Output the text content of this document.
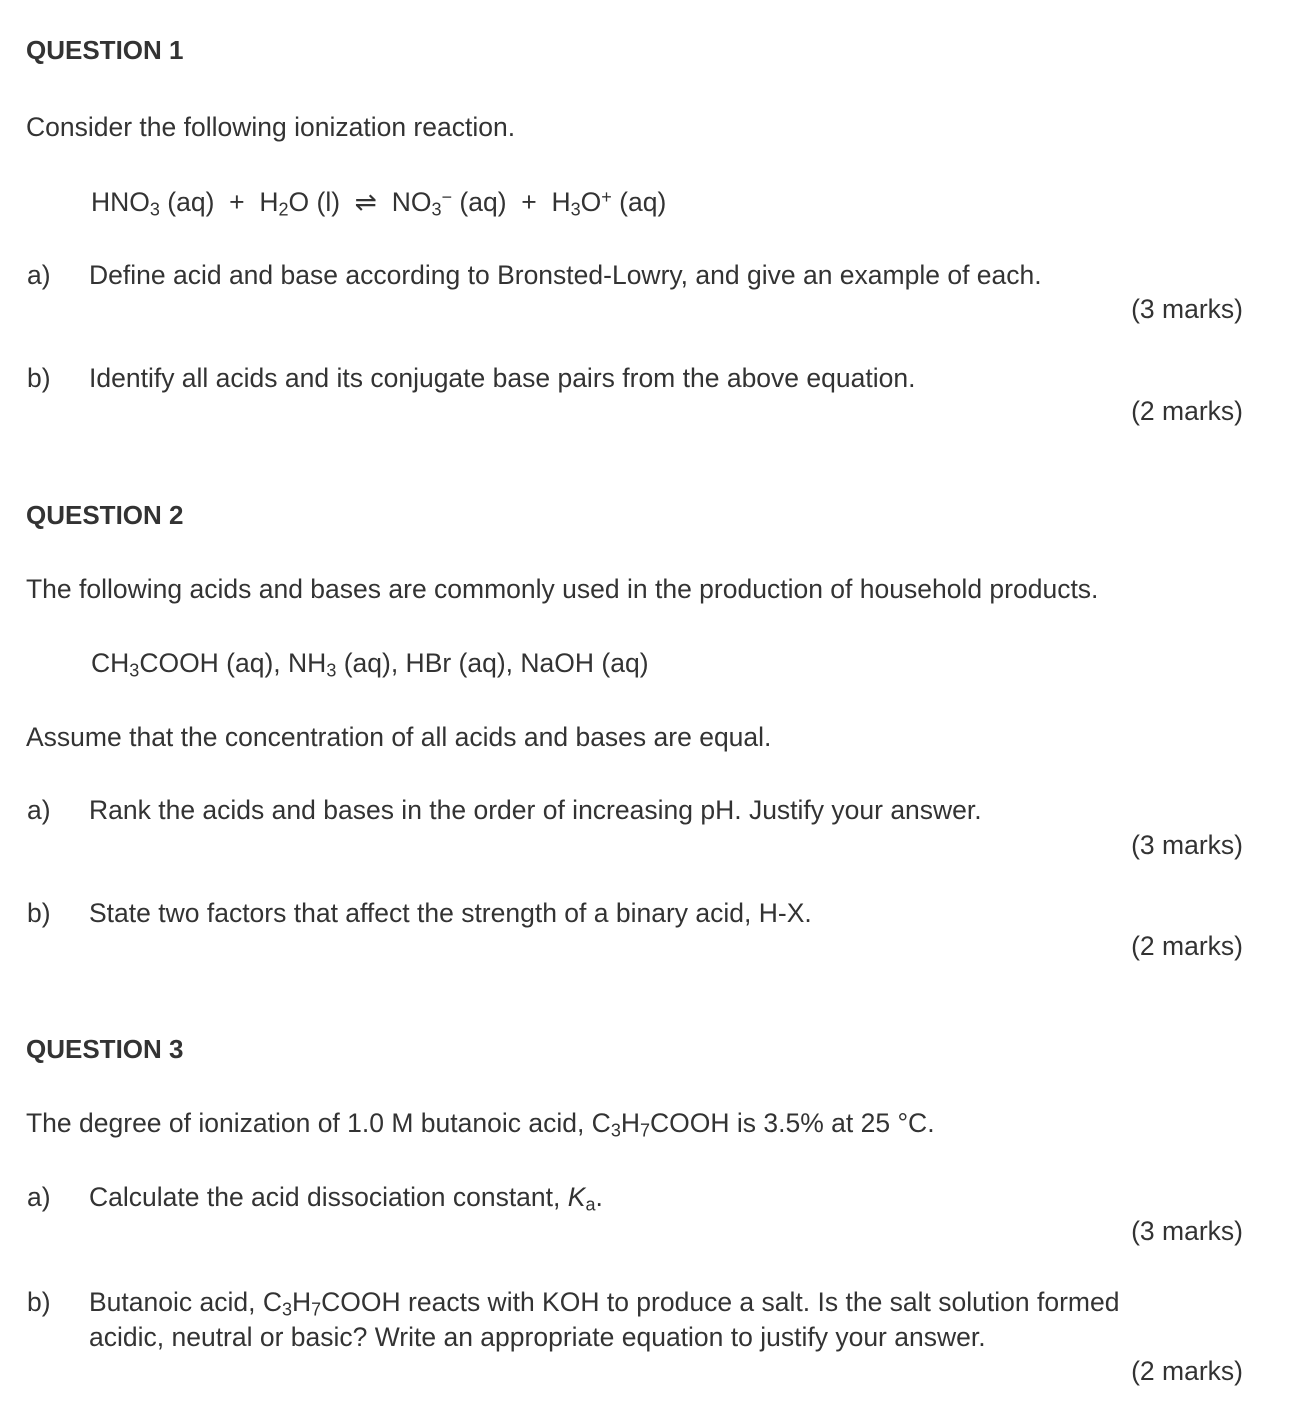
QUESTION 1
Consider the following ionization reaction.
$HNO_3$ $(aq) + H_2O$ (l)  ⇌  $NO_3^-$ $(aq) + H_3O^+$ (aq)
a) Define acid and base according to Bronsted-Lowry, and give an example of each.
(3 marks)
b) Identify all acids and its conjugate base pairs from the above equation.
(2 marks)
QUESTION 2
The following acids and bases are commonly used in the production of household products.
$CH_3COOH$ (aq), $NH_3$ (aq), HBr (aq), NaOH (aq)
Assume that the concentration of all acids and bases are equal.
a) Rank the acids and bases in the order of increasing pH. Justify your answer.
(3 marks)
b) State two factors that affect the strength of a binary acid, H-X.
(2 marks)
QUESTION 3
The degree of ionization of 1.0 M butanoic acid, $C_3H_7COOH$ is 3.5% at 25 °C.
a) Calculate the acid dissociation constant, $K_a$.
(3 marks)
b) Butanoic acid, $C_3H_7COOH$ reacts with KOH to produce a salt. Is the salt solution formed
acidic, neutral or basic? Write an appropriate equation to justify your answer.
(2 marks)
